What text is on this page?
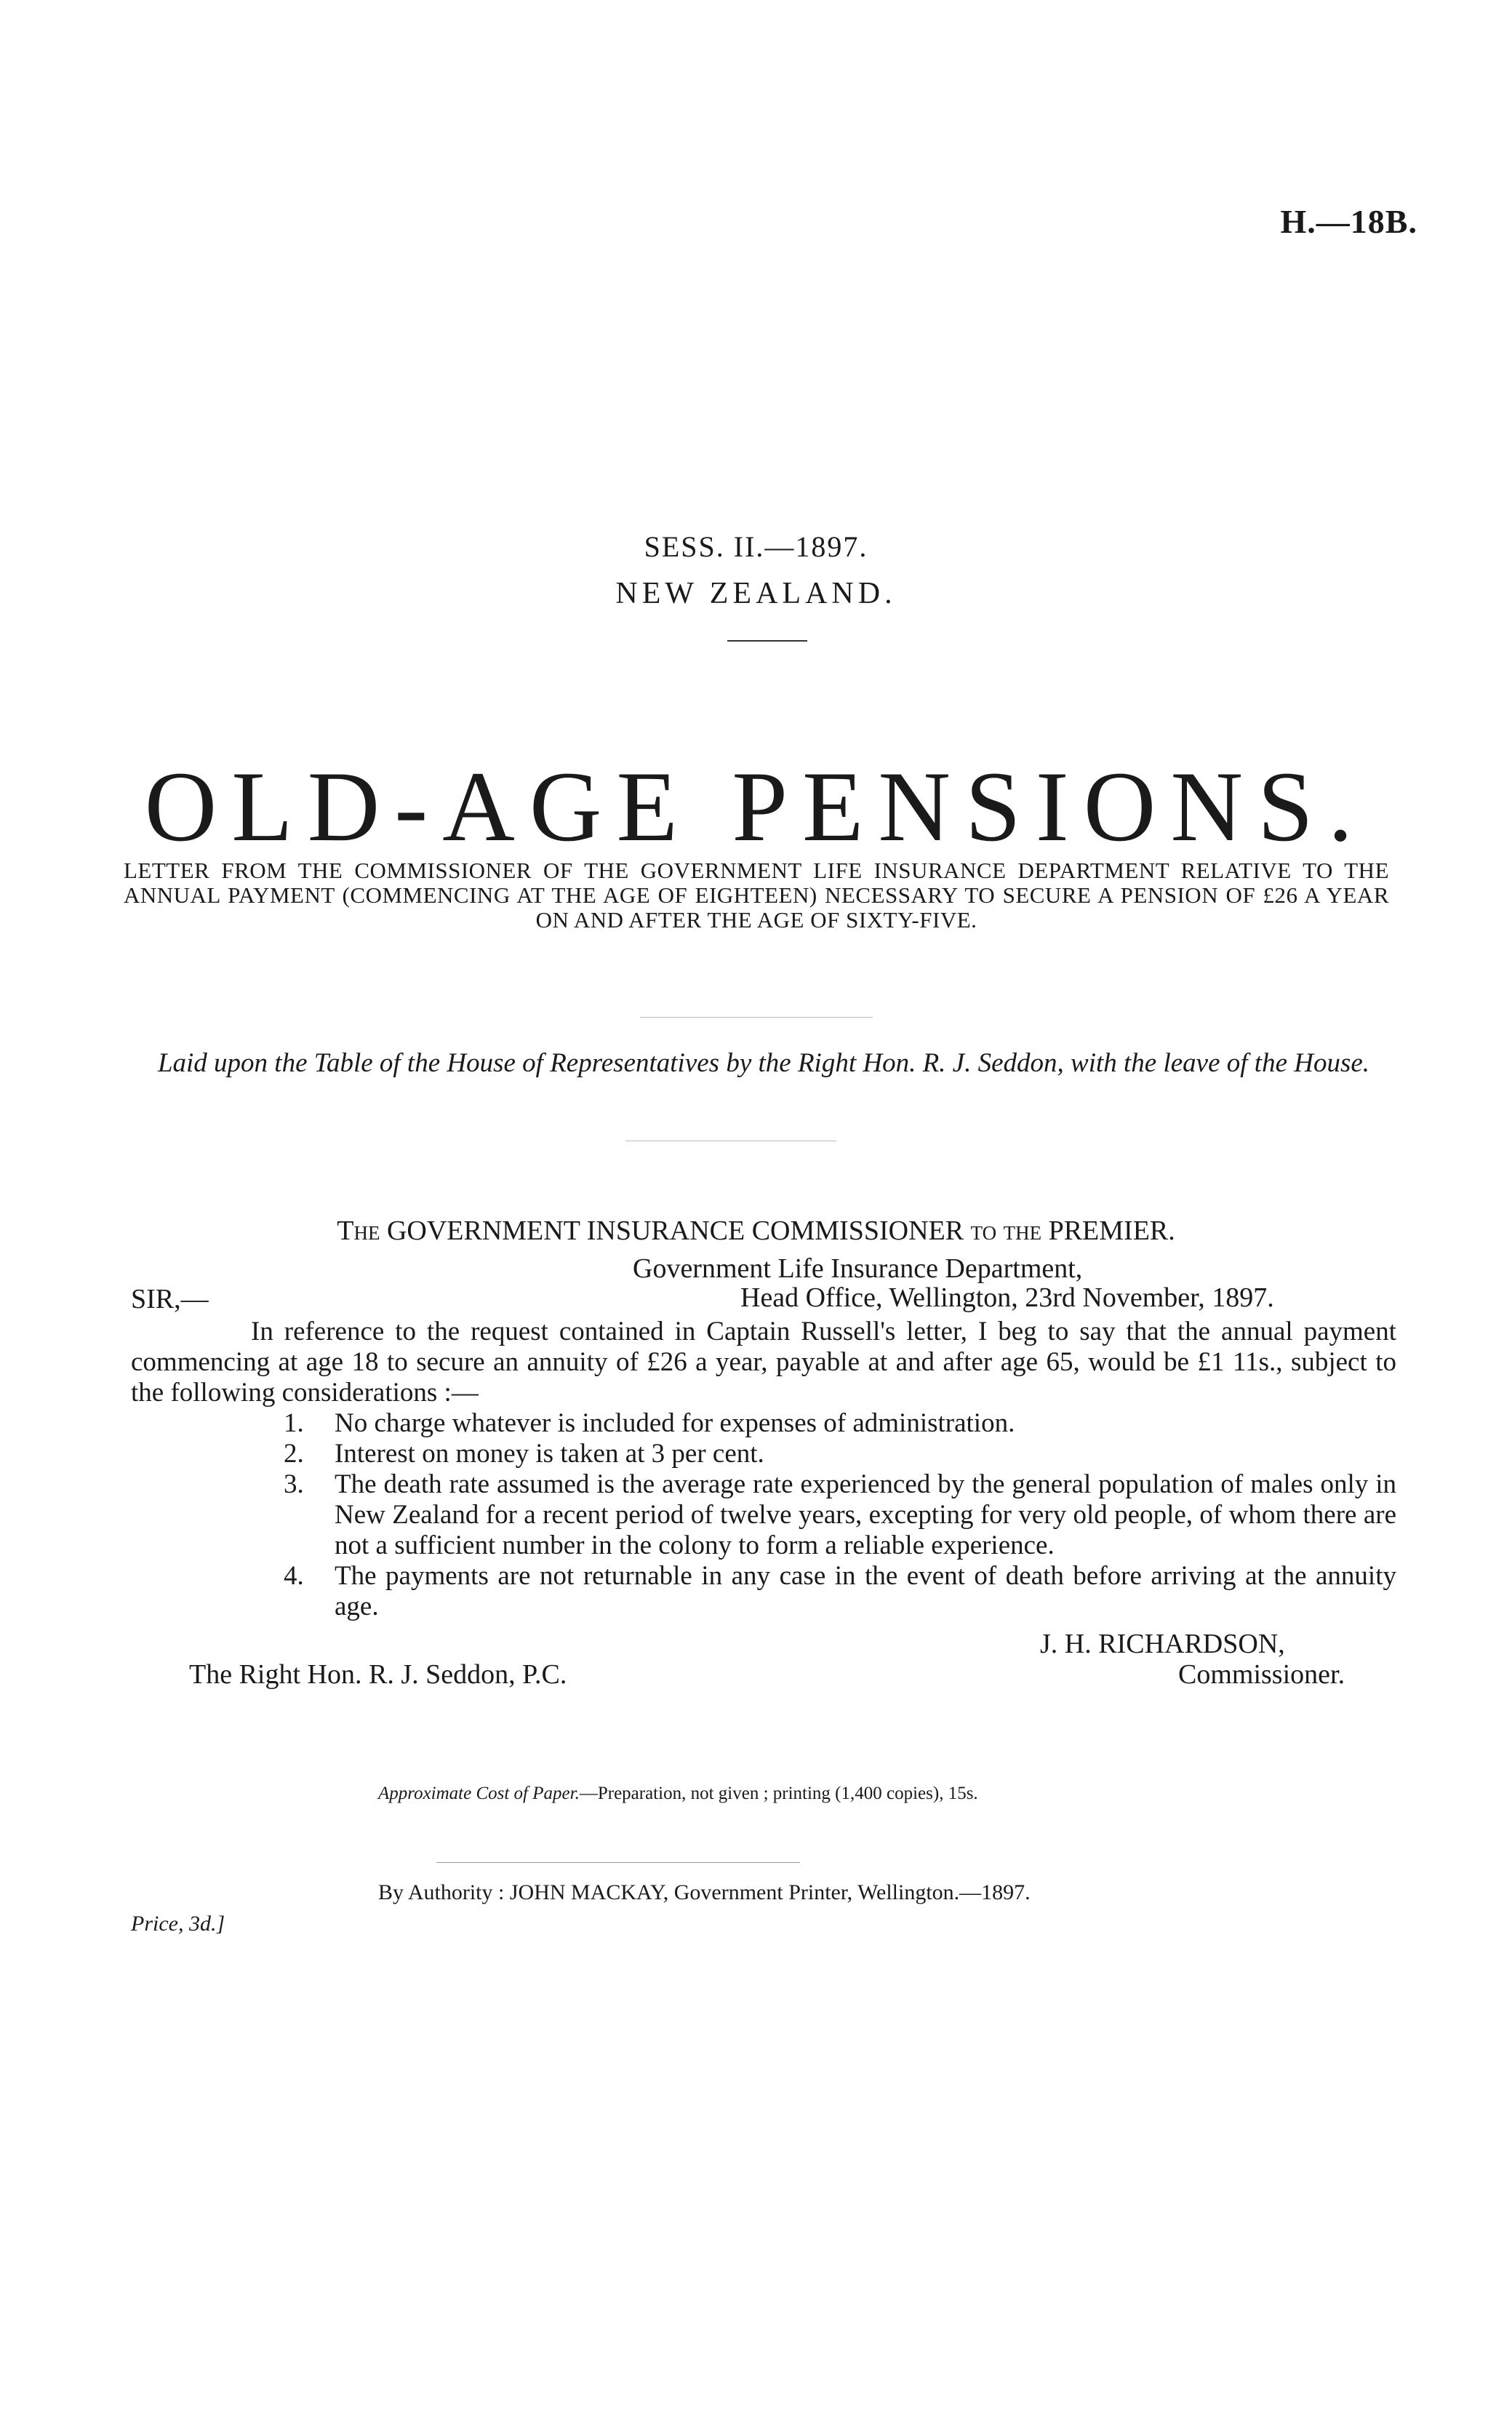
H.—18B.
SESS. II.—1897.
NEW ZEALAND.
OLD-AGE PENSIONS.
LETTER FROM THE COMMISSIONER OF THE GOVERNMENT LIFE INSURANCE DEPARTMENT RELATIVE TO THE ANNUAL PAYMENT (COMMENCING AT THE AGE OF EIGHTEEN) NECESSARY TO SECURE A PENSION OF £26 A YEAR ON AND AFTER THE AGE OF SIXTY-FIVE.
Laid upon the Table of the House of Representatives by the Right Hon. R. J. Seddon, with the leave of the House.
The GOVERNMENT INSURANCE COMMISSIONER to the PREMIER.
Government Life Insurance Department,
SIR,—	Head Office, Wellington, 23rd November, 1897.

In reference to the request contained in Captain Russell's letter, I beg to say that the annual payment commencing at age 18 to secure an annuity of £26 a year, payable at and after age 65, would be £1 11s., subject to the following considerations :—

1. No charge whatever is included for expenses of administration.
2. Interest on money is taken at 3 per cent.
3. The death rate assumed is the average rate experienced by the general population of males only in New Zealand for a recent period of twelve years, excepting for very old people, of whom there are not a sufficient number in the colony to form a reliable experience.
4. The payments are not returnable in any case in the event of death before arriving at the annuity age.
J. H. RICHARDSON,
Commissioner.
The Right Hon. R. J. Seddon, P.C.
Approximate Cost of Paper.—Preparation, not given ; printing (1,400 copies), 15s.
By Authority : JOHN MACKAY, Government Printer, Wellington.—1897.
Price, 3d.]
